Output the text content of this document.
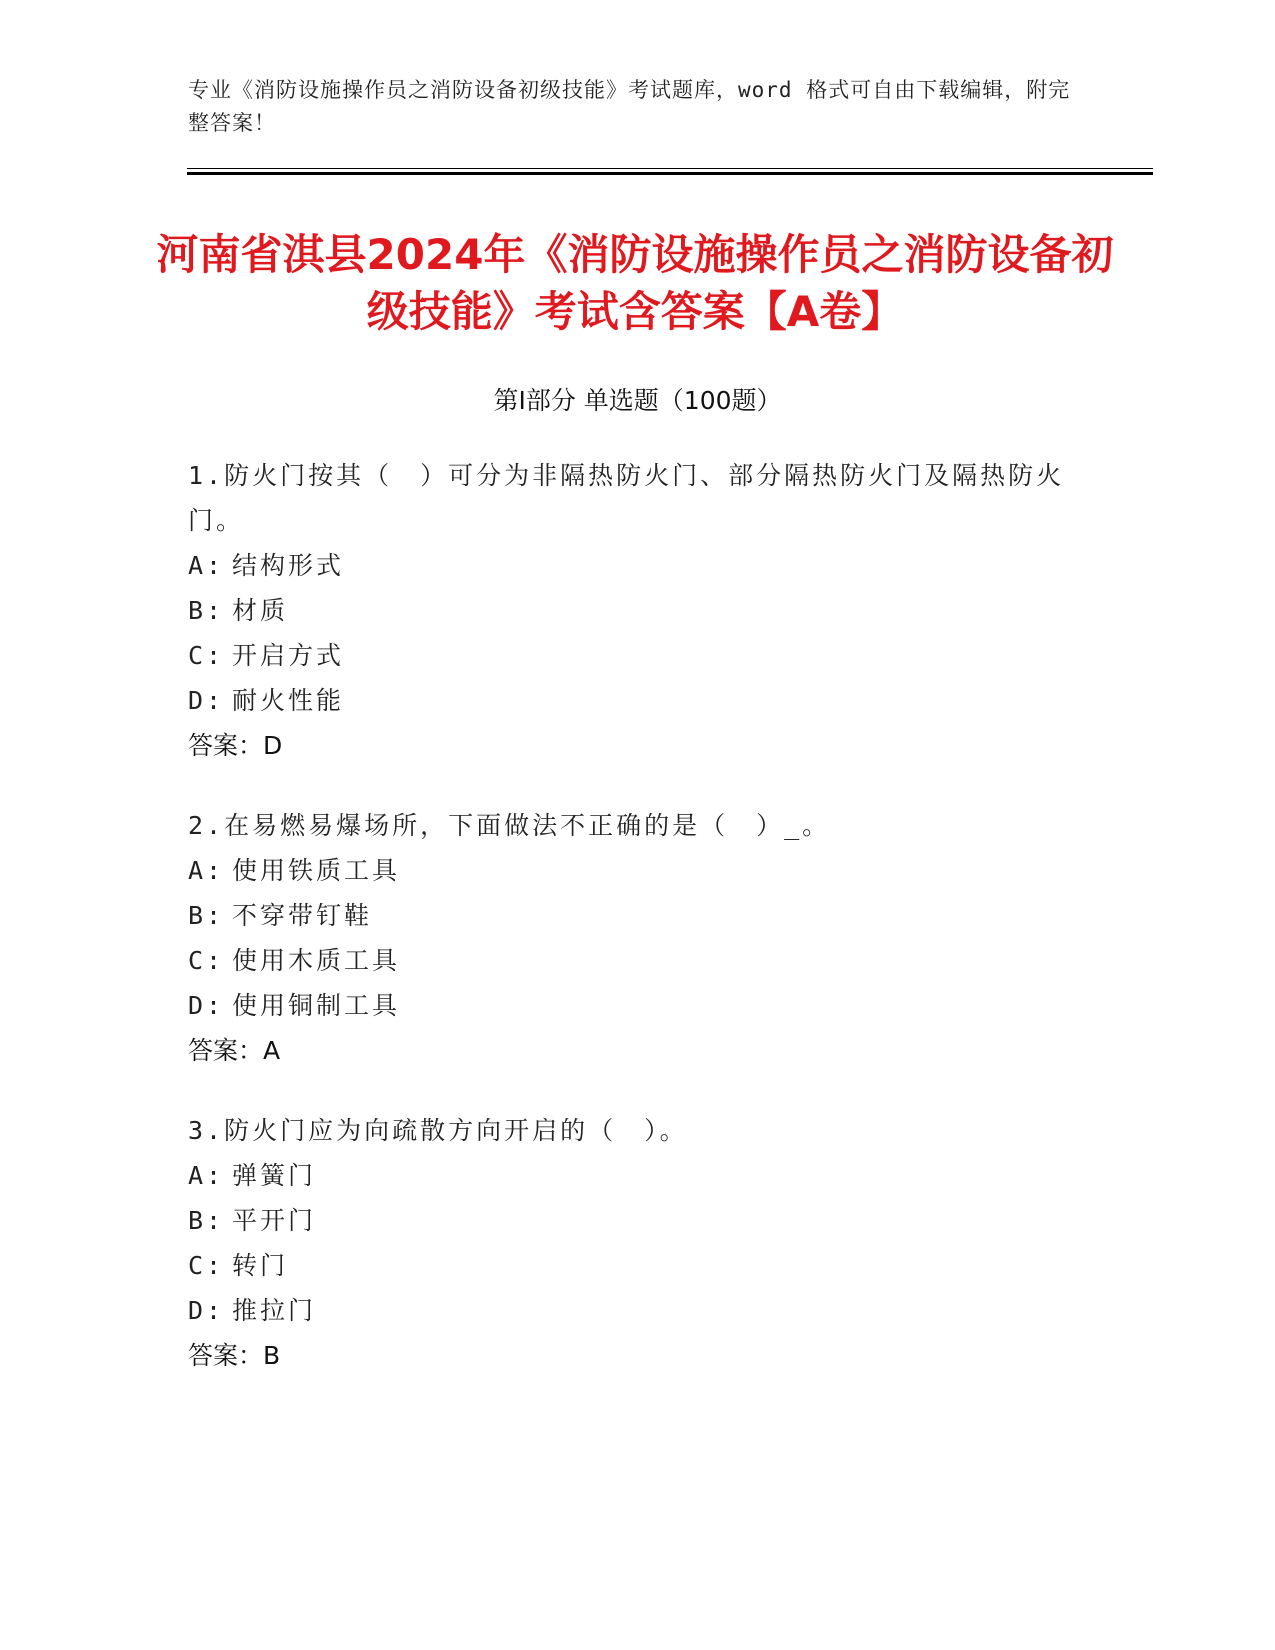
专业《消防设施操作员之消防设备初级技能》考试题库，word 格式可自由下载编辑，附完整答案！
河南省淇县2024年《消防设施操作员之消防设备初级技能》考试含答案【A卷】
第Ⅰ部分 单选题（100题）
1.防火门按其（　）可分为非隔热防火门、部分隔热防火门及隔热防火门。
A: 结构形式
B: 材质
C: 开启方式
D: 耐火性能
答案：D
2.在易燃易爆场所，下面做法不正确的是（　）_。
A: 使用铁质工具
B: 不穿带钉鞋
C: 使用木质工具
D: 使用铜制工具
答案：A
3.防火门应为向疏散方向开启的（　）。
A: 弹簧门
B: 平开门
C: 转门
D: 推拉门
答案：B
